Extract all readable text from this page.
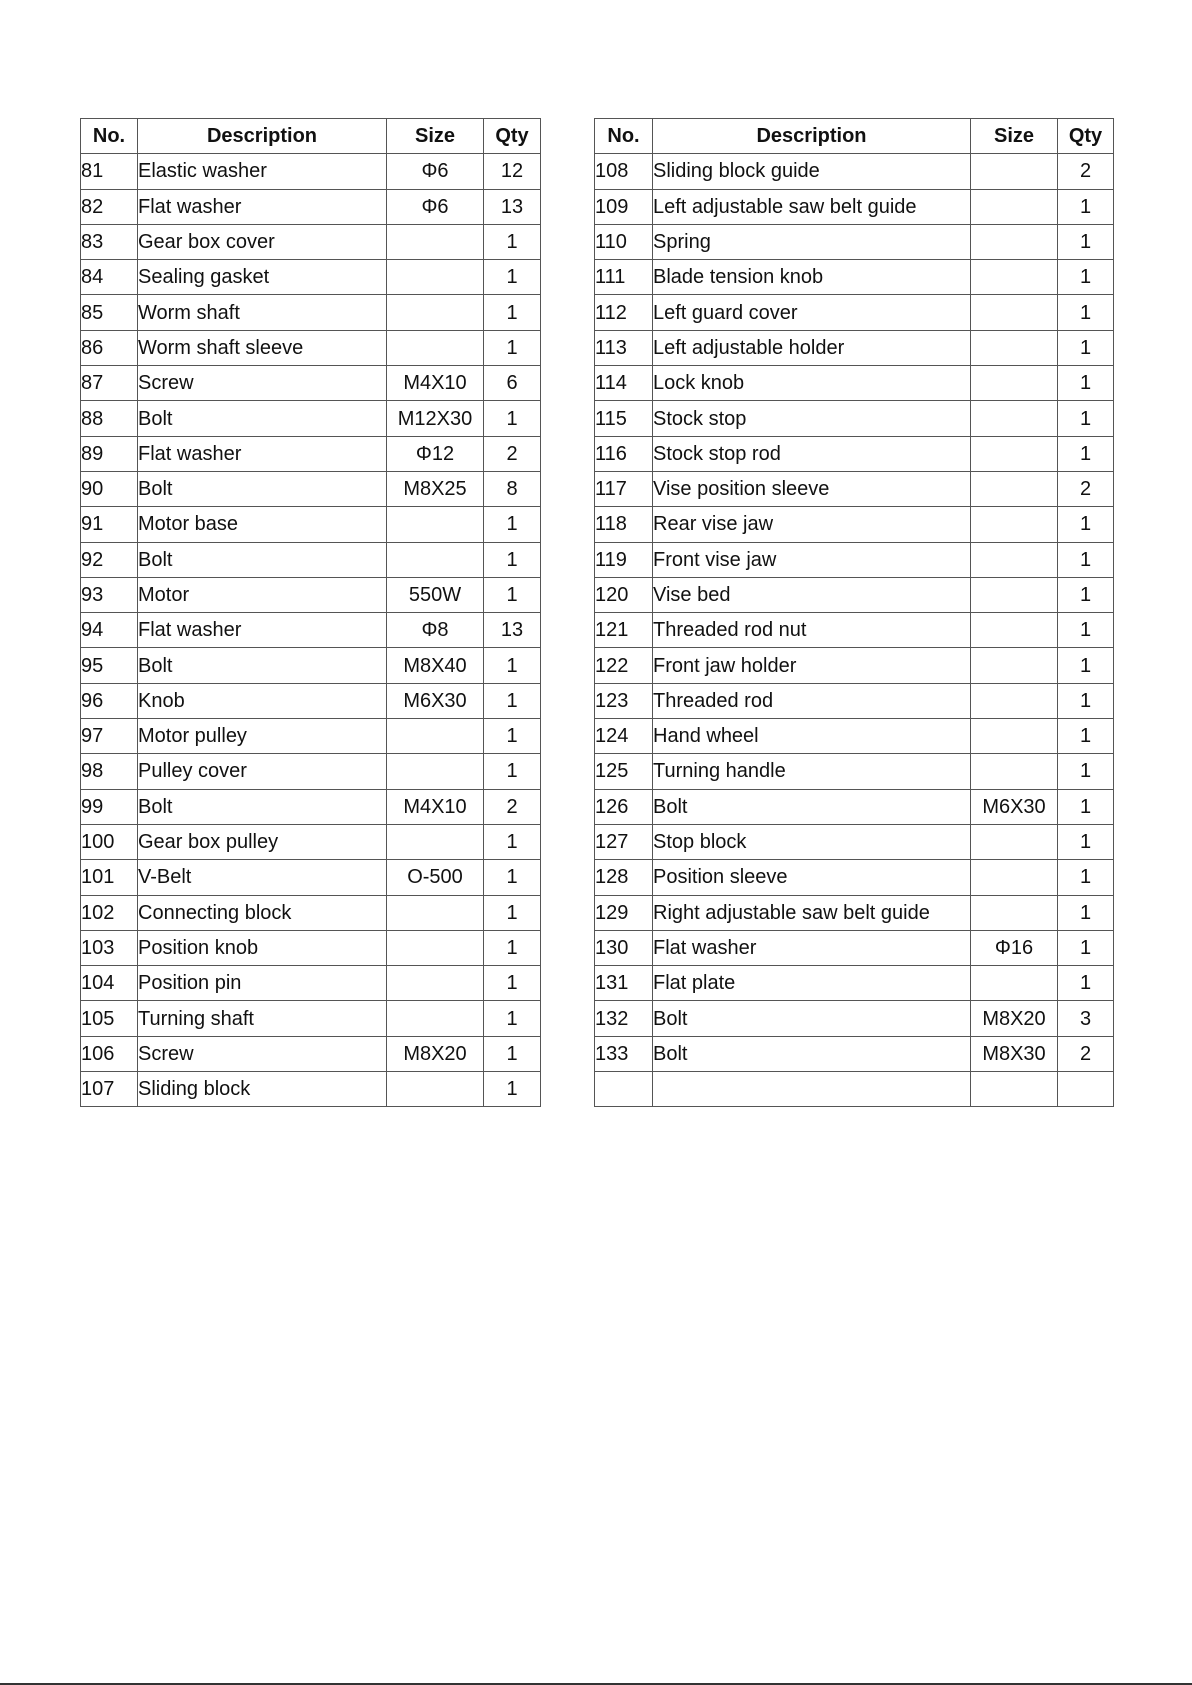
No.	Description	Size	Qty
81	Elastic washer	Φ6	12
82	Flat washer	Φ6	13
83	Gear box cover		1
84	Sealing gasket		1
85	Worm shaft		1
86	Worm shaft sleeve		1
87	Screw	M4X10	6
88	Bolt	M12X30	1
89	Flat washer	Φ12	2
90	Bolt	M8X25	8
91	Motor base		1
92	Bolt		1
93	Motor	550W	1
94	Flat washer	Φ8	13
95	Bolt	M8X40	1
96	Knob	M6X30	1
97	Motor pulley		1
98	Pulley cover		1
99	Bolt	M4X10	2
100	Gear box pulley		1
101	V-Belt	O-500	1
102	Connecting block		1
103	Position knob		1
104	Position pin		1
105	Turning shaft		1
106	Screw	M8X20	1
107	Sliding block		1
No.	Description	Size	Qty
108	Sliding block guide		2
109	Left adjustable saw belt guide		1
110	Spring		1
111	Blade tension knob		1
112	Left guard cover		1
113	Left adjustable holder		1
114	Lock knob		1
115	Stock stop		1
116	Stock stop rod		1
117	Vise position sleeve		2
118	Rear vise jaw		1
119	Front vise jaw		1
120	Vise bed		1
121	Threaded rod nut		1
122	Front jaw holder		1
123	Threaded rod		1
124	Hand wheel		1
125	Turning handle		1
126	Bolt	M6X30	1
127	Stop block		1
128	Position sleeve		1
129	Right adjustable saw belt guide		1
130	Flat washer	Φ16	1
131	Flat plate		1
132	Bolt	M8X20	3
133	Bolt	M8X30	2
